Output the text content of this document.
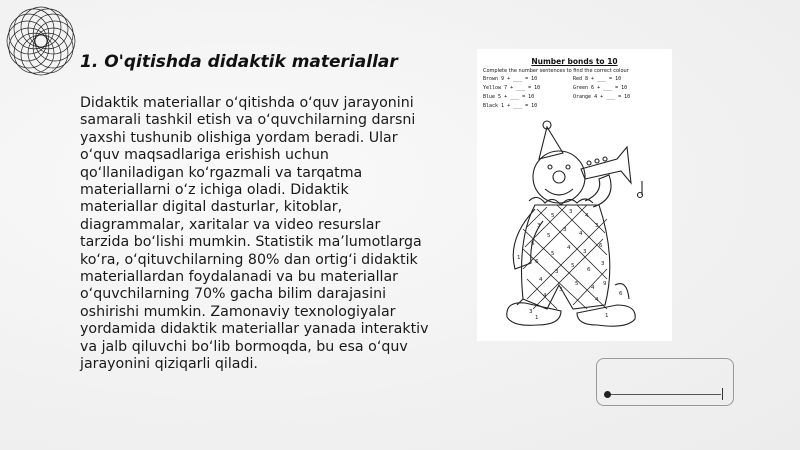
1. O'qitishda didaktik materiallar

Didaktik materiallar o‘qitishda o‘quv jarayonini samarali tashkil etish va o‘quvchilarning darsni yaxshi tushunib olishiga yordam beradi. Ular o‘quv maqsadlariga erishish uchun qo‘llaniladigan ko‘rgazmali va tarqatma materiallarni o‘z ichiga oladi. Didaktik materiallar digital dasturlar, kitoblar, diagrammalar, xaritalar va video resurslar tarzida bo‘lishi mumkin. Statistik ma’lumotlarga ko‘ra, o‘qituvchilarning 80% dan ortig‘i didaktik materiallardan foydalanadi va bu materiallar o‘quvchilarning 70% gacha bilim darajasini oshirishi mumkin. Zamonaviy texnologiyalar yordamida didaktik materiallar yanada interaktiv va jalb qiluvchi bo‘lib bormoqda, bu esa o‘quv jarayonini qiziqarli qiladi.

Number bonds to 10
Complete the number sentences to find the correct colour
Brown 9 + ___ = 10
Yellow 7 + ___ = 10
Blue 5 + ___ = 10
Black 1 + ___ = 10
Red 8 + ___ = 10
Green 6 + ___ = 10
Orange 4 + ___ = 10
3
5
3
4
6
5
3
4
3
6
5
4
3
6
4
3
5
6
3
4
3
5
4
1
9
6
4
3
1	1
